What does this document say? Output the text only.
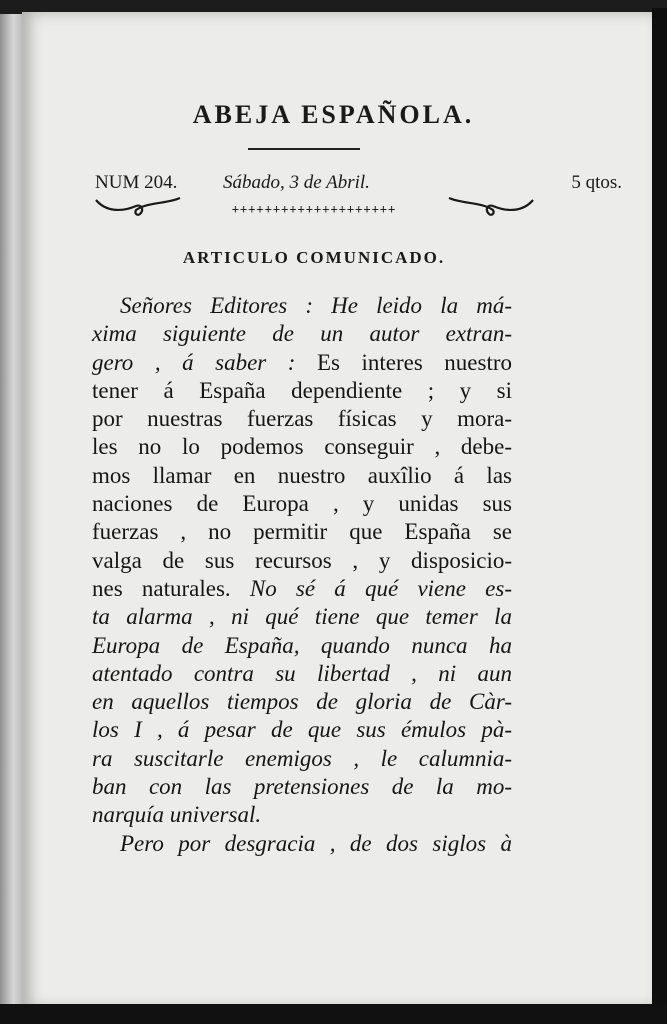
ABEJA ESPAÑOLA.
NUM 204. Sábado, 3 de Abril.	5 qtos.
++++++++++++++++++++
ARTICULO COMUNICADO.
Señores Editores : He leido la má-
xima siguiente de un autor extran-
gero , á saber : Es interes nuestro
tener á España dependiente ; y si
por nuestras fuerzas físicas y mora-
les no lo podemos conseguir , debe-
mos llamar en nuestro auxîlio á las
naciones de Europa , y unidas sus
fuerzas , no permitir que España se
valga de sus recursos , y disposicio-
nes naturales. No sé á qué viene es-
ta alarma , ni qué tiene que temer la
Europa de España, quando nunca ha
atentado contra su libertad , ni aun
en aquellos tiempos de gloria de Càr-
los I , á pesar de que sus émulos pà-
ra suscitarle enemigos , le calumnia-
ban con las pretensiones de la mo-
narquía universal.
Pero por desgracia , de dos siglos à
